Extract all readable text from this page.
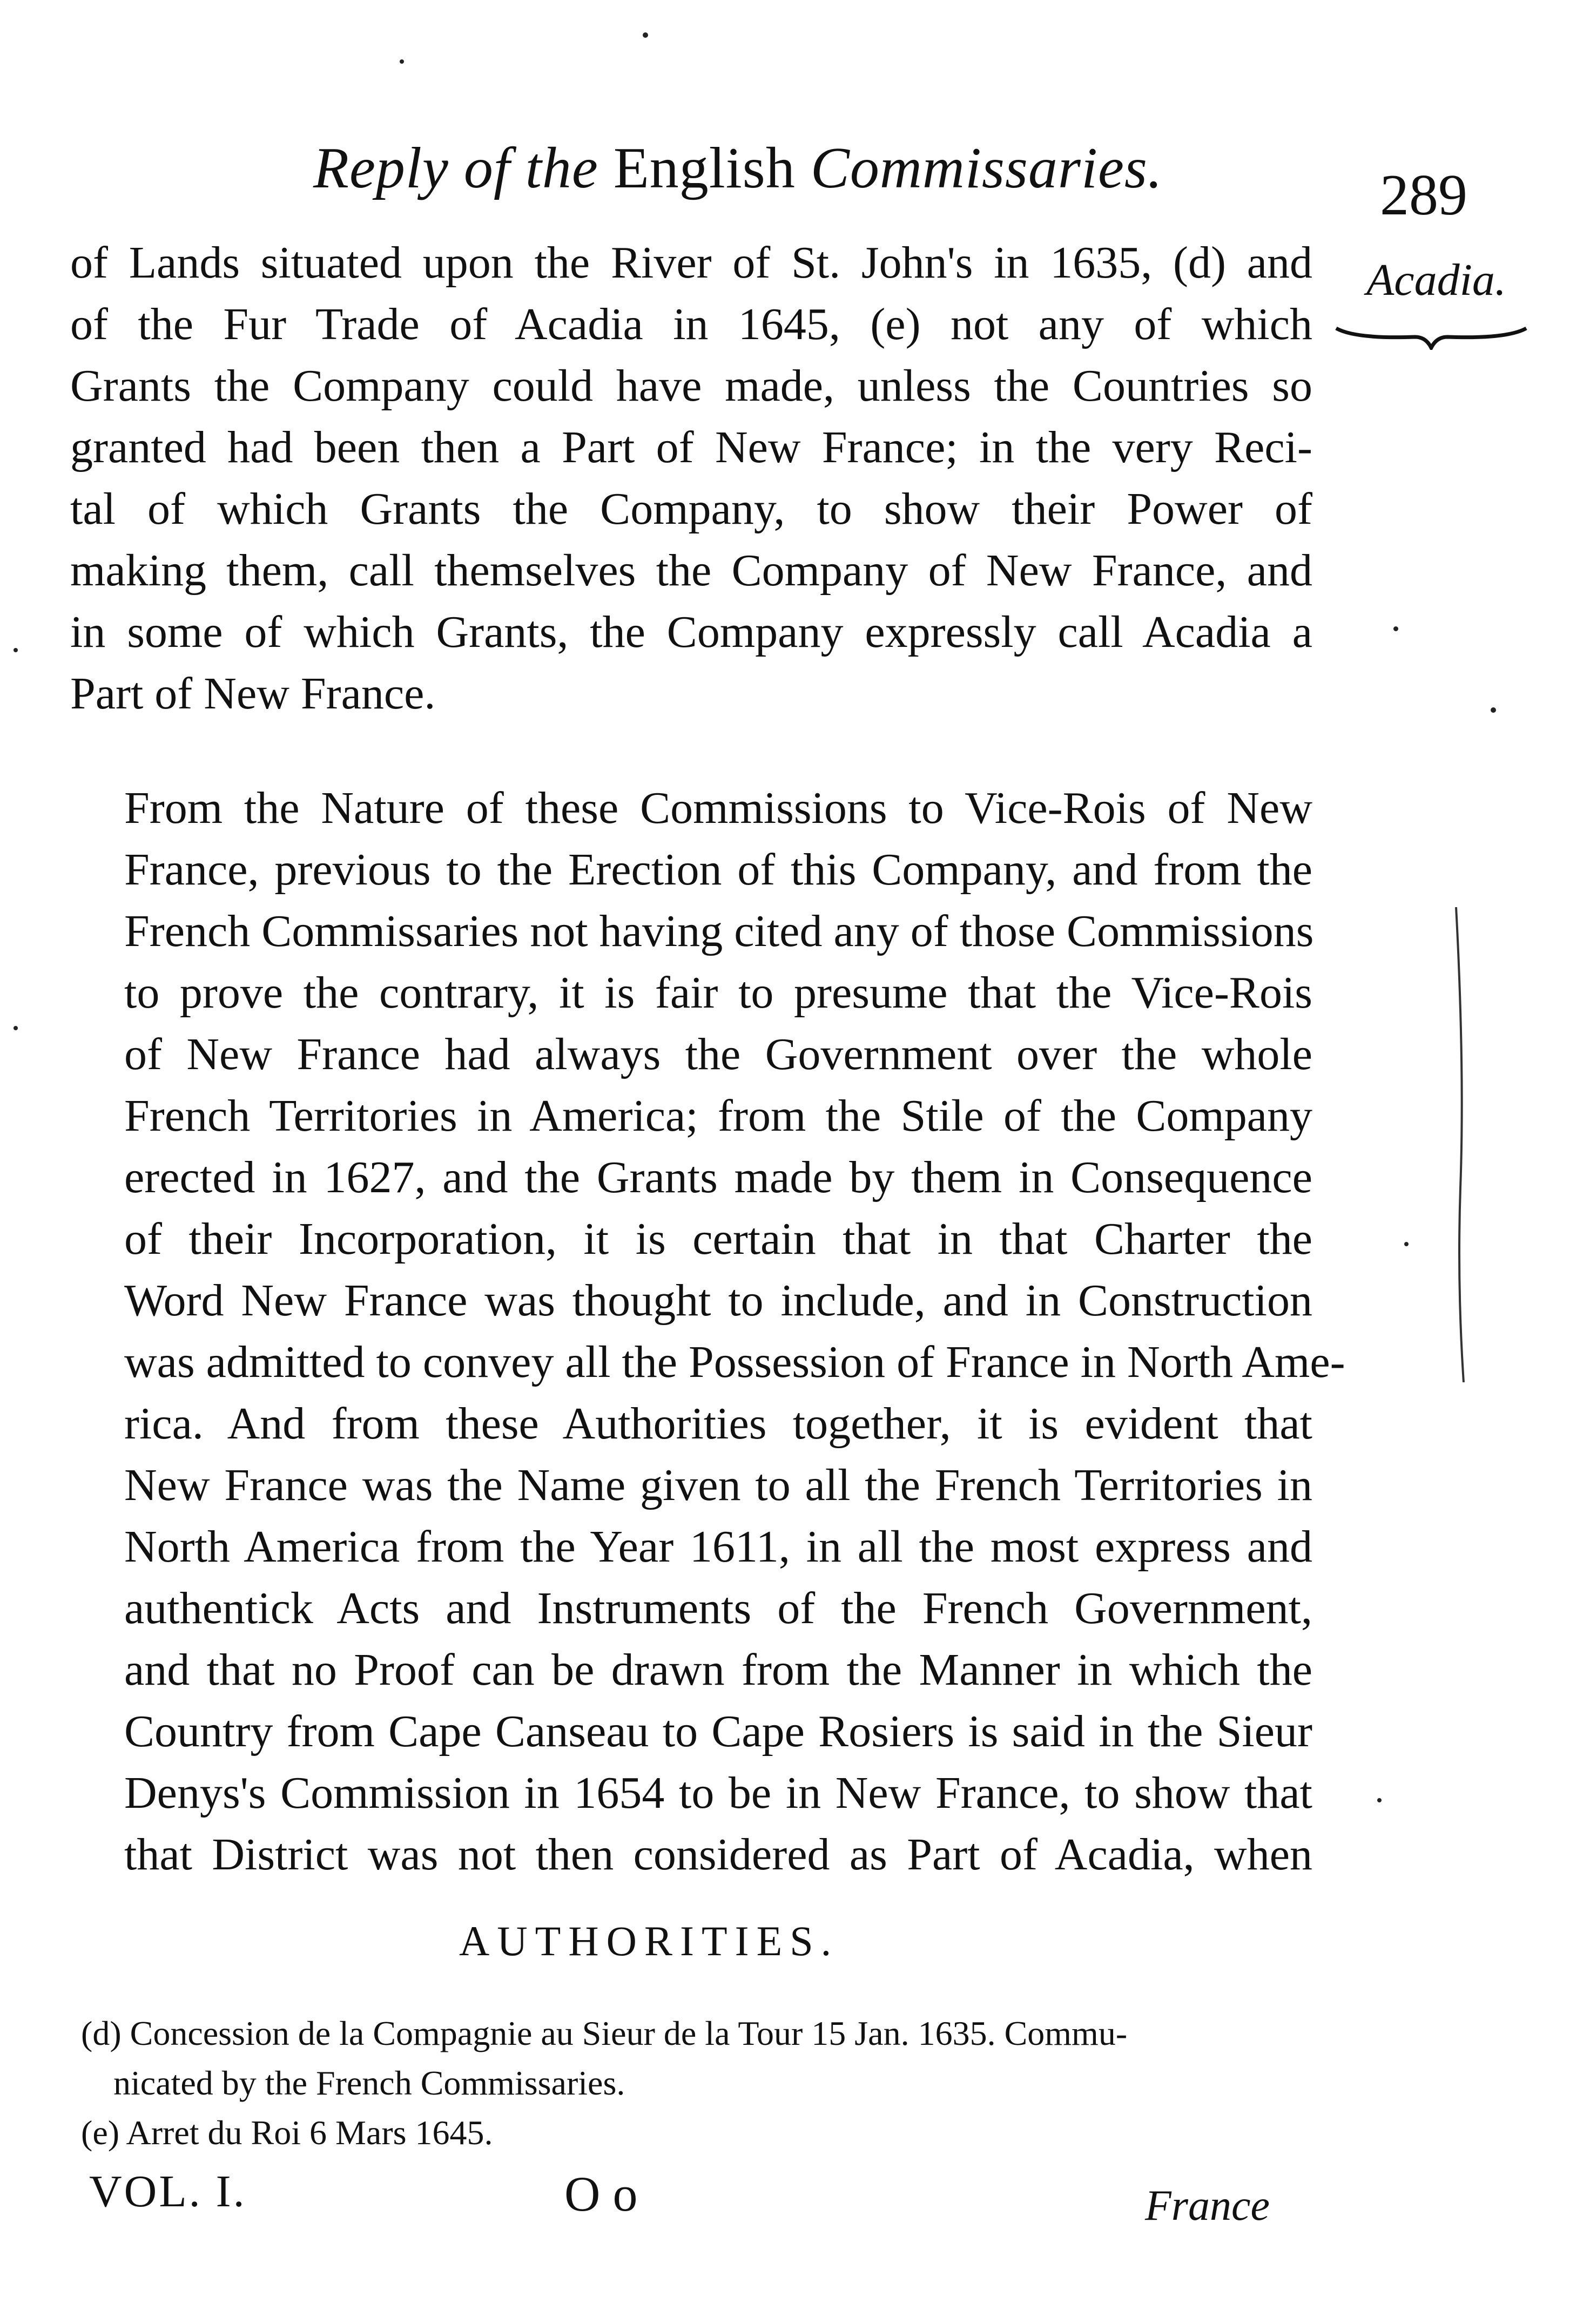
Reply of the English Commissaries.	289
Acadia.
of Lands situated upon the River of St. John's in 1635, (d) and
of the Fur Trade of Acadia in 1645, (e) not any of which
Grants the Company could have made, unless the Countries so
granted had been then a Part of New France; in the very Reci-
tal of which Grants the Company, to show their Power of
making them, call themselves the Company of New France, and
in some of which Grants, the Company expressly call Acadia a
Part of New France.
From the Nature of these Commissions to Vice-Rois of New
France, previous to the Erection of this Company, and from the
French Commissaries not having cited any of those Commissions
to prove the contrary, it is fair to presume that the Vice-Rois
of New France had always the Government over the whole
French Territories in America; from the Stile of the Company
erected in 1627, and the Grants made by them in Consequence
of their Incorporation, it is certain that in that Charter the
Word New France was thought to include, and in Construction
was admitted to convey all the Possession of France in North Ame-
rica. And from these Authorities together, it is evident that
New France was the Name given to all the French Territories in
North America from the Year 1611, in all the most express and
authentick Acts and Instruments of the French Government,
and that no Proof can be drawn from the Manner in which the
Country from Cape Canseau to Cape Rosiers is said in the Sieur
Denys's Commission in 1654 to be in New France, to show that
that District was not then considered as Part of Acadia, when
AUTHORITIES.
(d) Concession de la Compagnie au Sieur de la Tour 15 Jan. 1635. Commu-
nicated by the French Commissaries.
(e) Arret du Roi 6 Mars 1645.
VOL. I.	O o	France
